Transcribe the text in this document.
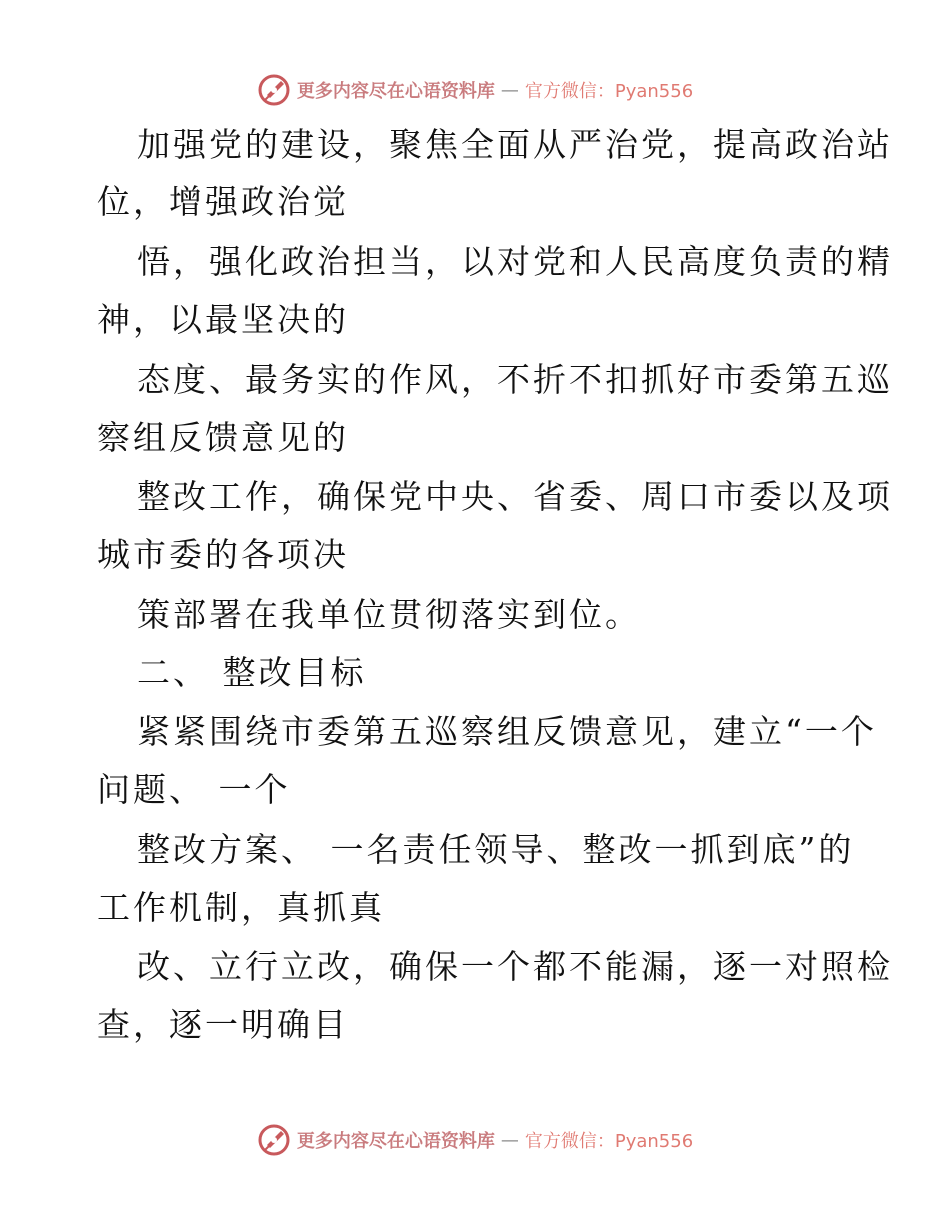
更多内容尽在心语资料库 — 官方微信：Pyan556
加强党的建设，聚焦全面从严治党，提高政治站
位，增强政治觉
悟，强化政治担当，以对党和人民高度负责的精
神，以最坚决的
态度、最务实的作风，不折不扣抓好市委第五巡
察组反馈意见的
整改工作，确保党中央、省委、周口市委以及项
城市委的各项决
策部署在我单位贯彻落实到位。
二、 整改目标
紧紧围绕市委第五巡察组反馈意见，建立“一个
问题、 一个
整改方案、 一名责任领导、整改一抓到底”的
工作机制，真抓真
改、立行立改，确保一个都不能漏，逐一对照检
查，逐一明确目
更多内容尽在心语资料库 — 官方微信：Pyan556
